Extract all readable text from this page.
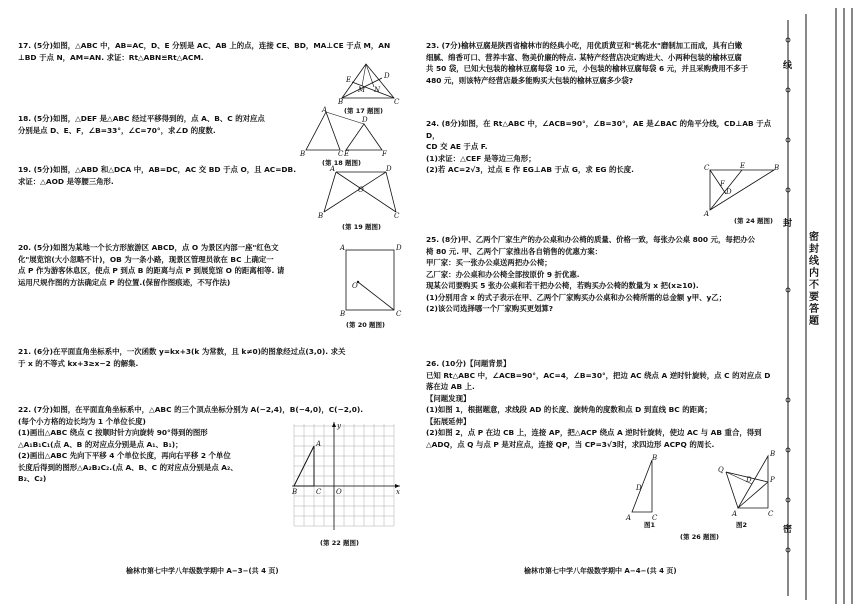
17. (5分)如图，△ABC 中，AB=AC，D、E 分别是 AC、AB 上的点，连接 CE、BD，MA⊥CE 于点 M，AN

⊥BD 于点 N，AM=AN. 求证：Rt△ABN≌Rt△ACM.

E	D
M N
B	C
(第 17 题图)

18. (5分)如图，△DEF 是△ABC 经过平移得到的，点 A、B、C 的对应点

分别是点 D、E、F，∠B=33°，∠C=70°，求∠D 的度数.

A
D
B	C E	F
(第 18 题图)

19. (5分)如图，△ABD 和△DCA 中，AB=DC，AC 交 BD 于点 O，且 AC=DB.

求证：△AOD 是等腰三角形.

A	D
O
B	C
(第 19 题图)

20. (5分)如图为某地一个长方形旅游区 ABCD，点 O 为景区内部一座"红色文

化"展览馆(大小忽略不计)，OB 为一条小路，现景区管理员欲在 BC 上确定一

点 P 作为游客休息区，使点 P 到点 B 的距离与点 P 到展览馆 O 的距离相等. 请

运用尺规作图的方法确定点 P 的位置.(保留作图痕迹，不写作法)

A	D
O
B	C
(第 20 题图)

21. (6分)在平面直角坐标系中，一次函数 y=kx+3(k 为常数，且 k≠0)的图象经过点(3,0). 求关

于 x 的不等式 kx+3≥x−2 的解集.

22. (7分)如图，在平面直角坐标系中，△ABC 的三个顶点坐标分别为 A(−2,4)，B(−4,0)，C(−2,0).

(每个小方格的边长均为 1 个单位长度)

(1)画出△ABC 绕点 C 按顺时针方向旋转 90°得到的图形

△A₁B₁C₁(点 A、B 的对应点分别是点 A₁、B₁)；

(2)画出△ABC 先向下平移 4 个单位长度，再向右平移 2 个单位

长度后得到的图形△A₂B₂C₂.(点 A、B、C 的对应点分别是点 A₂、

B₂、C₂)

x
y
O
A
B	C
(第 22 题图)
榆林市第七中学八年级数学期中 A−3−(共 4 页)

23. (7分)榆林豆腐是陕西省榆林市的经典小吃，用优质黄豆和"桃花水"磨制加工而成，具有白嫩

细腻、绵香可口、营养丰富、物美价廉的特点. 某特产经营店决定购进大、小两种包装的榆林豆腐

共 50 袋，已知大包装的榆林豆腐每袋 10 元，小包装的榆林豆腐每袋 6 元，并且采购费用不多于

480 元，则该特产经营店最多能购买大包装的榆林豆腐多少袋?

24. (8分)如图，在 Rt△ABC 中，∠ACB=90°，∠B=30°，AE 是∠BAC 的角平分线，CD⊥AB 于点 D，

CD 交 AE 于点 F.

(1)求证：△CEF 是等边三角形；

(2)若 AC=2√3，过点 E 作 EG⊥AB 于点 G，求 EG 的长度.	C	E	B
D
F
A
(第 24 题图)

25. (8分)甲、乙两个厂家生产的办公桌和办公椅的质量、价格一致，每张办公桌 800 元，每把办公

椅 80 元. 甲、乙两个厂家推出各自销售的优惠方案：

甲厂家：买一张办公桌送两把办公椅；

乙厂家：办公桌和办公椅全部按原价 9 折优惠.

现某公司要购买 5 张办公桌和若干把办公椅，若购买办公椅的数量为 x 把(x≥10).

(1)分别用含 x 的式子表示在甲、乙两个厂家购买办公桌和办公椅所需的总金额 y甲、y乙；

(2)该公司选择哪一个厂家购买更划算?

26. (10分)【问题背景】

已知 Rt△ABC 中，∠ACB=90°，AC=4，∠B=30°，把边 AC 绕点 A 逆时针旋转，点 C 的对应点 D

落在边 AB 上.

【问题发现】

(1)如图 1，根据题意，求线段 AD 的长度、旋转角的度数和点 D 到直线 BC 的距离；

【拓展延伸】

(2)如图 2，点 P 在边 CB 上，连接 AP，把△ACP 绕点 A 逆时针旋转，使边 AC 与 AB 重合，得到

△ADQ，点 Q 与点 P 是对应点，连接 QP，当 CP=3√3时，求四边形 ACPQ 的周长.

B
D
A	C
图1
B
P
Q
D
A	C
图2
(第 26 题图)
榆林市第七中学八年级数学期中 A−4−(共 4 页)
线
封
密
密封线内不要答题
